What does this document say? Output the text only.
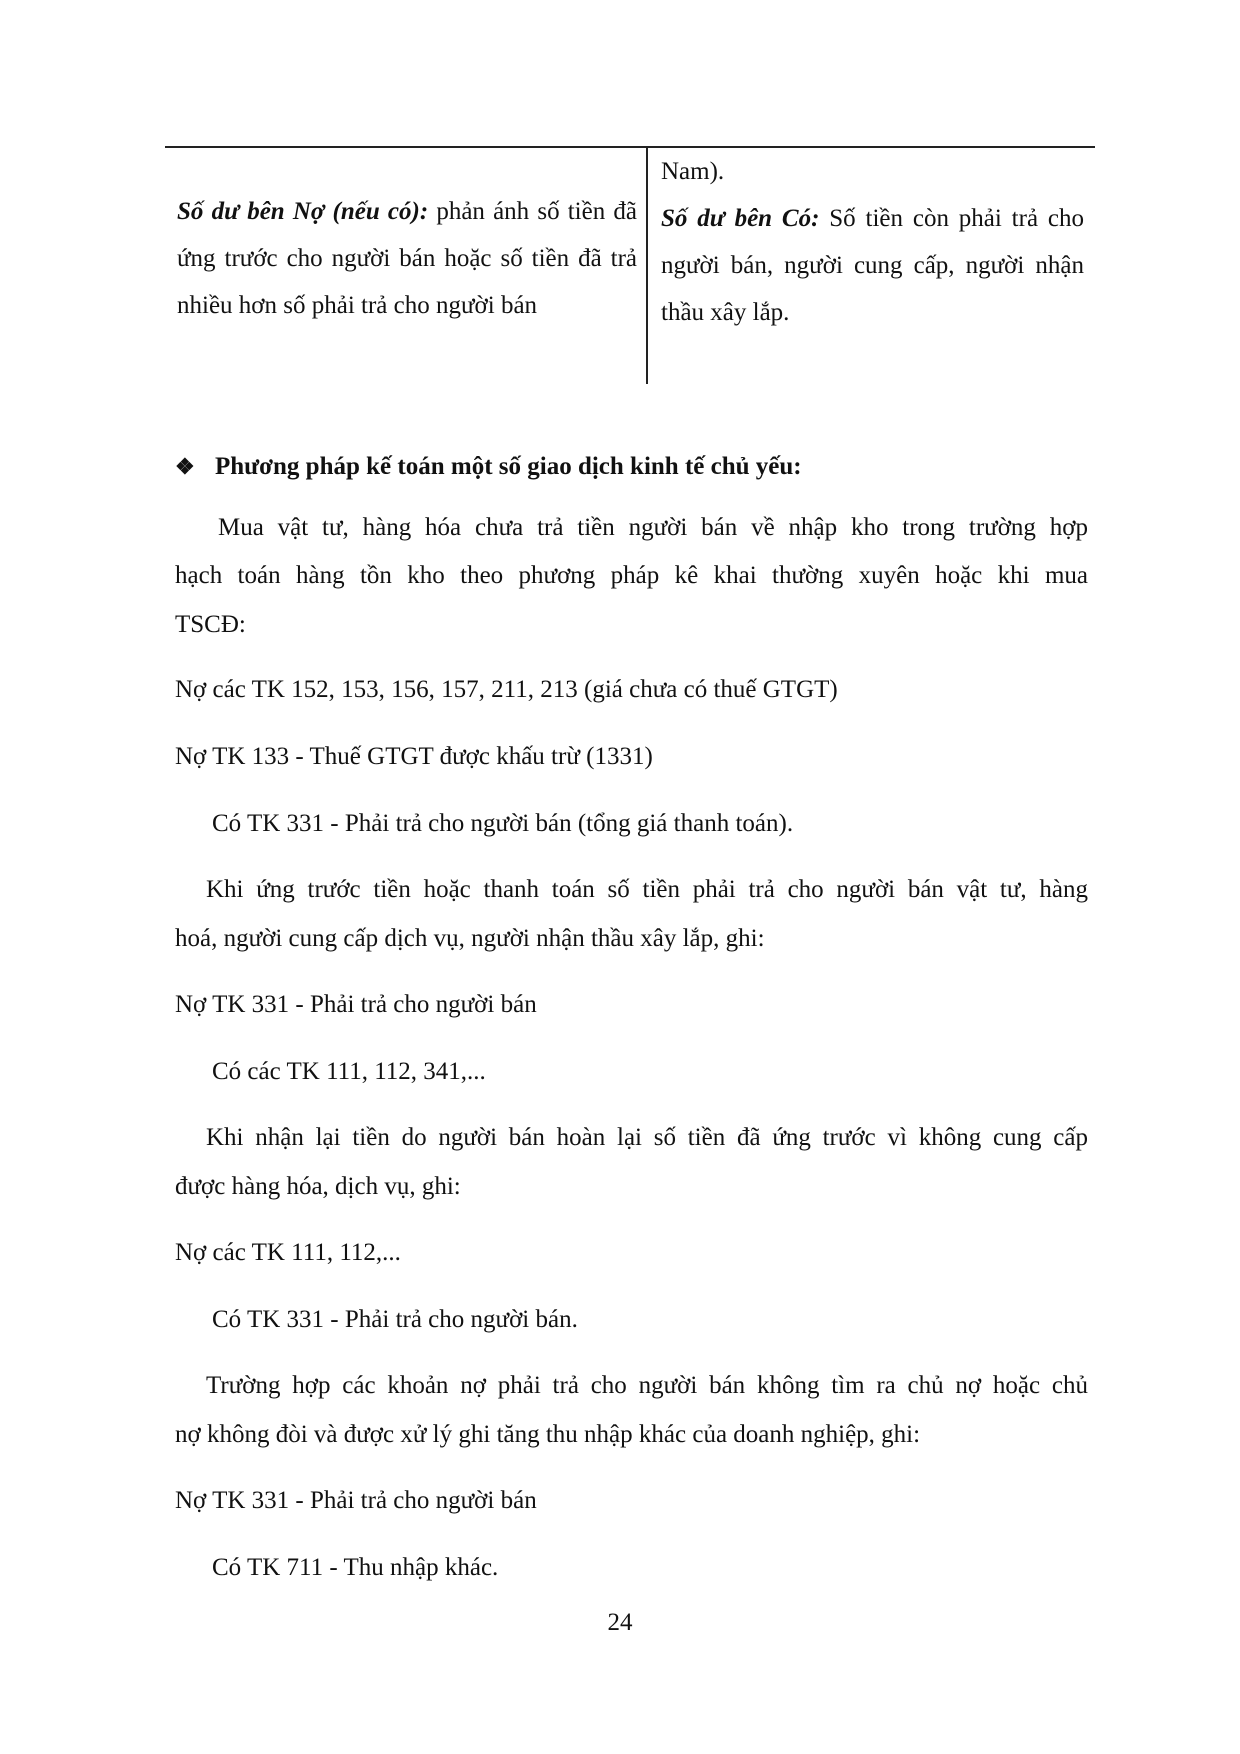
Số dư bên Nợ (nếu có): phản ánh số tiền đã ứng trước cho người bán hoặc số tiền đã trả nhiều hơn số phải trả cho người bán
Nam).
Số dư bên Có: Số tiền còn phải trả cho người bán, người cung cấp, người nhận thầu xây lắp.
❖ Phương pháp kế toán một số giao dịch kinh tế chủ yếu:
Mua vật tư, hàng hóa chưa trả tiền người bán về nhập kho trong trường hợp
hạch toán hàng tồn kho theo phương pháp kê khai thường xuyên hoặc khi mua
TSCĐ:
Nợ các TK 152, 153, 156, 157, 211, 213 (giá chưa có thuế GTGT)
Nợ TK 133 - Thuế GTGT được khấu trừ (1331)
Có TK 331 - Phải trả cho người bán (tổng giá thanh toán).
Khi ứng trước tiền hoặc thanh toán số tiền phải trả cho người bán vật tư, hàng
hoá, người cung cấp dịch vụ, người nhận thầu xây lắp, ghi:
Nợ TK 331 - Phải trả cho người bán
Có các TK 111, 112, 341,...
Khi nhận lại tiền do người bán hoàn lại số tiền đã ứng trước vì không cung cấp
được hàng hóa, dịch vụ, ghi:
Nợ các TK 111, 112,...
Có TK 331 - Phải trả cho người bán.
Trường hợp các khoản nợ phải trả cho người bán không tìm ra chủ nợ hoặc chủ
nợ không đòi và được xử lý ghi tăng thu nhập khác của doanh nghiệp, ghi:
Nợ TK 331 - Phải trả cho người bán
Có TK 711 - Thu nhập khác.
24
